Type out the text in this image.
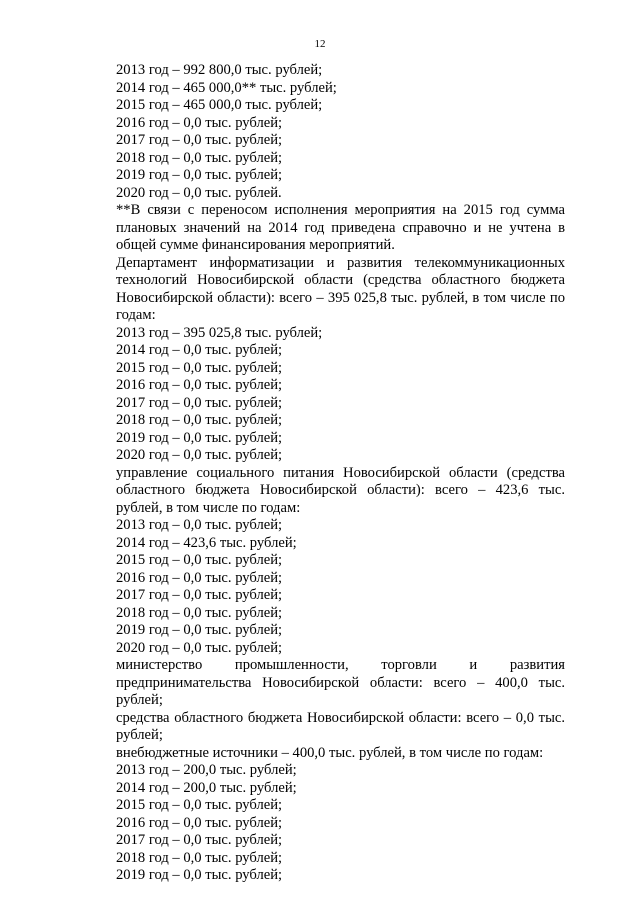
12
2013 год – 992 800,0 тыс. рублей;
2014 год – 465 000,0** тыс. рублей;
2015 год – 465 000,0 тыс. рублей;
2016 год – 0,0 тыс. рублей;
2017 год – 0,0 тыс. рублей;
2018 год – 0,0 тыс. рублей;
2019 год – 0,0 тыс. рублей;
2020 год – 0,0 тыс. рублей.

**В связи с переносом исполнения мероприятия на 2015 год сумма плановых значений на 2014 год приведена справочно и не учтена в общей сумме финансирования мероприятий.

Департамент информатизации и развития телекоммуникационных технологий Новосибирской области (средства областного бюджета Новосибирской области): всего – 395 025,8 тыс. рублей, в том числе по годам:

2013 год – 395 025,8 тыс. рублей;
2014 год – 0,0 тыс. рублей;
2015 год – 0,0 тыс. рублей;
2016 год – 0,0 тыс. рублей;
2017 год – 0,0 тыс. рублей;
2018 год – 0,0 тыс. рублей;
2019 год – 0,0 тыс. рублей;
2020 год – 0,0 тыс. рублей;

управление социального питания Новосибирской области (средства областного бюджета Новосибирской области): всего – 423,6 тыс. рублей, в том числе по годам:

2013 год – 0,0 тыс. рублей;
2014 год – 423,6 тыс. рублей;
2015 год – 0,0 тыс. рублей;
2016 год – 0,0 тыс. рублей;
2017 год – 0,0 тыс. рублей;
2018 год – 0,0 тыс. рублей;
2019 год – 0,0 тыс. рублей;
2020 год – 0,0 тыс. рублей;

министерство промышленности, торговли и развития предпринимательства Новосибирской области: всего – 400,0 тыс. рублей;

средства областного бюджета Новосибирской области: всего – 0,0 тыс. рублей;

внебюджетные источники – 400,0 тыс. рублей, в том числе по годам:

2013 год – 200,0 тыс. рублей;
2014 год – 200,0 тыс. рублей;
2015 год – 0,0 тыс. рублей;
2016 год – 0,0 тыс. рублей;
2017 год – 0,0 тыс. рублей;
2018 год – 0,0 тыс. рублей;
2019 год – 0,0 тыс. рублей;
